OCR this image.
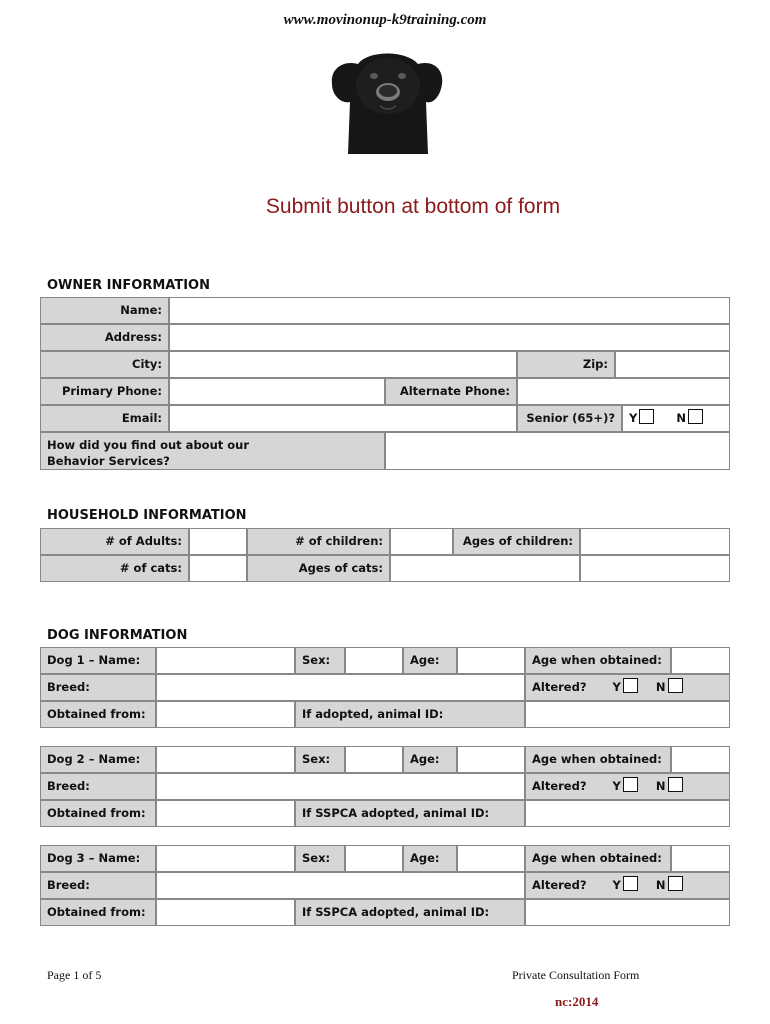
www.movinonup-k9training.com
Submit button at bottom of form
OWNER INFORMATION
Name:
Address:
City:	Zip:
Primary Phone:	Alternate Phone:
Email:	Senior (65+)?	Y	N
How did you find out about our
Behavior Services?
HOUSEHOLD INFORMATION
# of Adults:	# of children:	Ages of children:
# of cats:	Ages of cats:
DOG INFORMATION
Dog 1 – Name:	Sex:	Age:	Age when obtained:
Breed:	Altered? Y	N
Obtained from:	If adopted, animal ID:
Dog 2 – Name:	Sex:	Age:	Age when obtained:
Breed:	Altered? Y	N
Obtained from:	If SSPCA adopted, animal ID:
Dog 3 – Name:	Sex:	Age:	Age when obtained:
Breed:	Altered? Y	N
Obtained from:	If SSPCA adopted, animal ID:
Page 1 of 5	Private Consultation Form
nc:2014
